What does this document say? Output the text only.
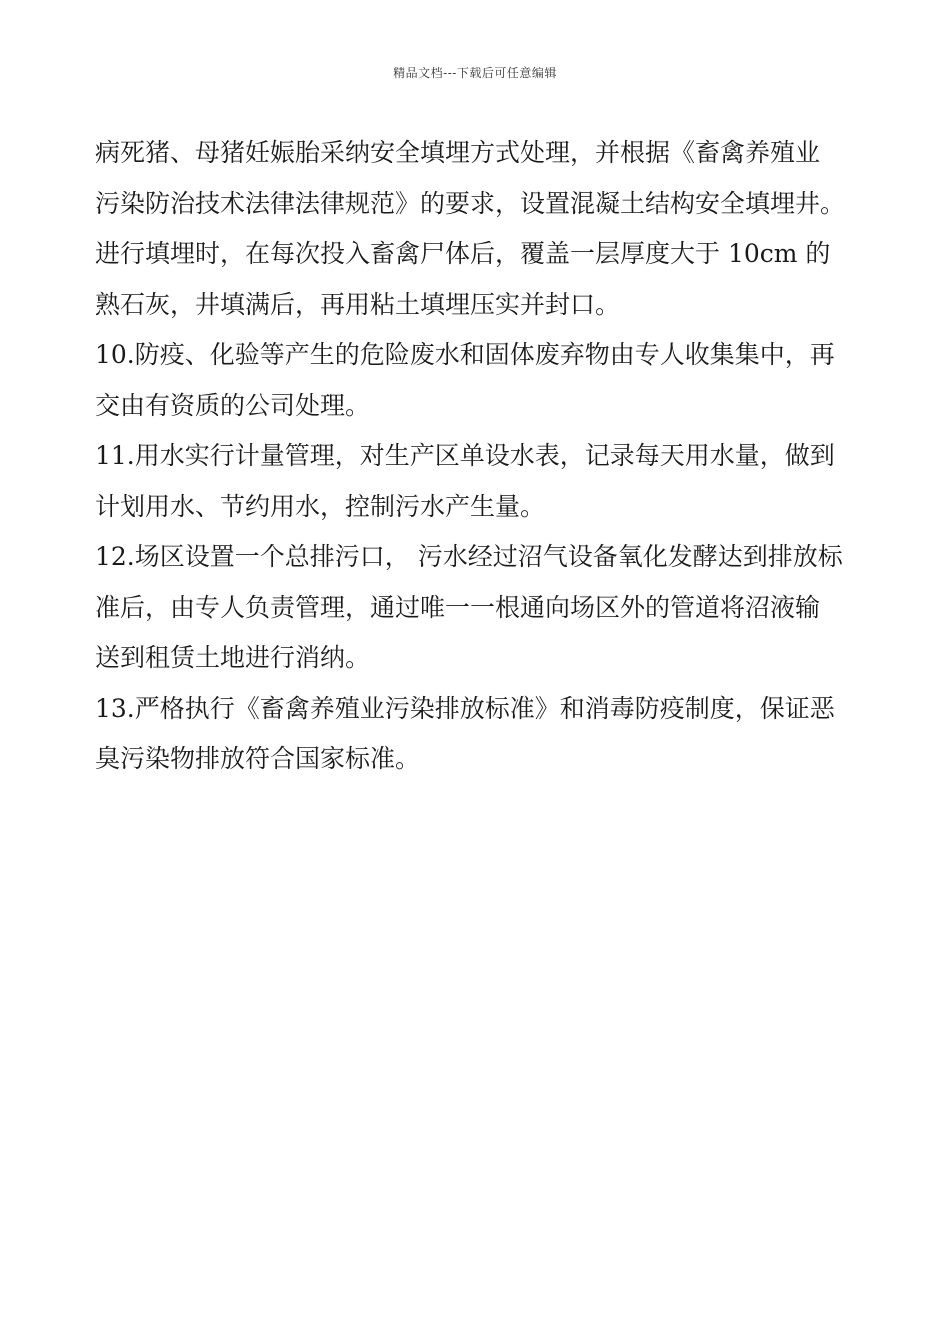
精品文档---下载后可任意编辑
病死猪、母猪妊娠胎采纳安全填埋方式处理，并根据《畜禽养殖业
污染防治技术法律法律规范》的要求，设置混凝土结构安全填埋井。
进行填埋时，在每次投入畜禽尸体后，覆盖一层厚度大于 10cm 的
熟石灰，井填满后，再用粘土填埋压实并封口。
10.防疫、化验等产生的危险废水和固体废弃物由专人收集集中，再
交由有资质的公司处理。
11.用水实行计量管理，对生产区单设水表，记录每天用水量，做到
计划用水、节约用水，控制污水产生量。
12.场区设置一个总排污口， 污水经过沼气设备氧化发酵达到排放标
准后，由专人负责管理，通过唯一一根通向场区外的管道将沼液输
送到租赁土地进行消纳。
13.严格执行《畜禽养殖业污染排放标准》和消毒防疫制度，保证恶
臭污染物排放符合国家标准。
